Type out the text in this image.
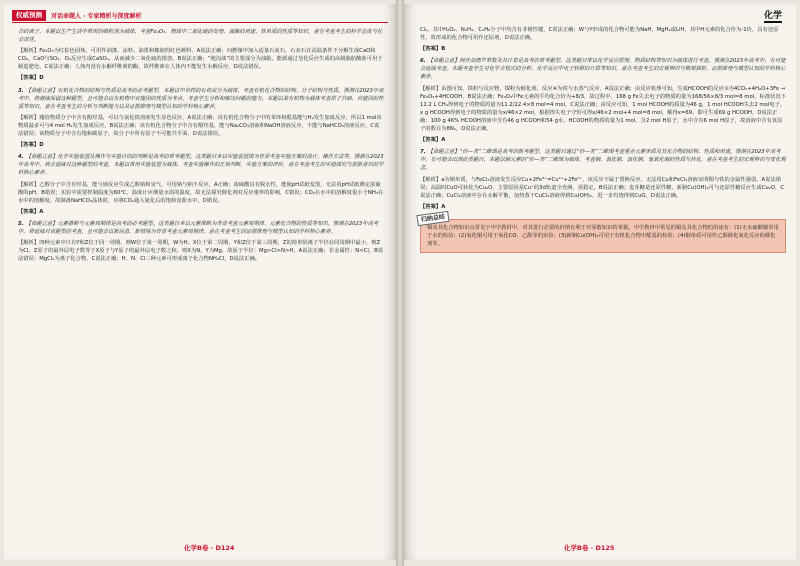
权威预测	对话命题人 · 专家精析与深度解析

合的离子，本题以生产生活中常用的吸附剂为载体，考查Fe₂O₃、燃煤中二氧化硫的处理、油脂的用途、铁单质的性质等知识，意在考查考生的科学态度与社会责任。

【解析】Fe₂O₃为红棕色固体，可用作油漆、涂料、油墨和橡胶的红色颜料，A说法正确；向燃煤中加入适量石灰石，石灰石在高温条件下分解生成CaO和CO₂，CaO与SO₂、O₂反应生成CaSO₄，从而减少二氧化硫的排放，B说法正确；“地沟油”的主要成分为油脂，能源通过皂化反应生成的高级脂肪酸盐可用于制造肥皂，C说法正确；人体内没有水解纤维素的酶，故纤维素在人体内不能发生水解反应，D说法错误。

【答案】D

3. 【命题立意】有机化合物的结构与性质是高考的必考题型，本题以中草药的有效成分为载体，考查有机化合物的结构、分子结构与性质。预测在2023年高考中，将继续保留这种题型，且可能会以有机物中官能团的性质为考点，考查学生分析和解决问题的能力。本题以某有机物为载体考查原子共面、官能团的性质等知识，意在考查考生的分析与判断能力以及证据推理与模型认知的学科核心素养。

【解析】题给物质分子中含有酚羟基，可以与氯化铁溶液发生显色反应，A说法正确；该有机化合物分子中的苯环和醛基能与H₂发生加成反应，所以1 mol该物质最多可与4 mol H₂发生加成反应，B说法正确；该有机化合物分子中含有酚羟基，能与Na₂CO₃溶液和NaOH溶液反应，不能与NaHCO₃溶液反应，C说法错误；该物质分子中含有饱和碳原子，故分子中所有原子不可能共平面，D说法错误。

【答案】D

4. 【命题立意】化学实验装置及操作与实验目的的判断是高考的常考题型。这类题目多以实验装置图为背景考查实验方案的设计、操作方法等。预测在2023年高考中，将会延续对这种题型的考查，本题以常用实验装置为载体，考查实验操作的正误判断、实验方案的评价，意在考查考生的实验探究与创新意识的学科核心素养。

【解析】乙醇分子中含有羟基，能与钠反应生成乙醇钠和氢气，可用钠与钠不反应，A正确；浓硫酸具有脱水性，能使pH试纸变黑，无法用pH试纸测定浓硫酸的pH，B错误；实验中需要控制温度为60℃，温度计应测量水浴的温度，故无法探究催化剂对反应速率的影响，C错误；CO₂在水中的溶解度很小于NH₃在水中的溶解度，故制备NaHCO₃晶体时，应将CO₂通入氨化后的饱和食盐水中，D错误。

【答案】A

5. 【命题立意】元素推断与元素周期律是高考的必考题型。这类题目多以元素推断为背景考查元素周期律、元素化合物的性质等知识。预测在2023年高考中，将延续对该题型的考查，且可能会以新信息、新情境为背景考查元素周期律，意在考查考生的证据推理与模型认知的学科核心素养。

【解析】四种元素中只有Y和Z位于同一周期，则W位于第一周期，W为H。X位于第二周期，Y和Z位于第三周期，Z的简单阴离子半径在同周期中最小，则Z为Cl。Z原子的最外层电子数等于X原子与Y原子的最外层电子数之和，则X为N，Y为Mg，故原子半径：Mg>Cl>N>H，A说法正确；非金属性：N<Cl，B说法错误；MgCl₂为离子化合物，C说法正确；H、N、Cl三种元素可形成离子化合物NH₄Cl，D说法正确。

化学B卷 · D124
化学

Cl₂，其中H₂O₂、N₂H₄、C₂H₆分子中均含有非极性键，C说法正确；W与Y形成的化合物可能为NaH、MgH₂或LiH，其中H元素的化合价为-1价，具有还原性，故形成的化合物可用作还原剂，D说法正确。

【答案】B

6. 【命题立意】阿伏加德罗常数及其计算是高考的常考题型，这类题目常以化学反应原理、物质结构等知识为载体进行考查。预测在2023年高考中，有可能会延续考查。本题考查学生对化学方程式的分析、化学反应中电子转移的计算等知识，意在考查考生的宏观辨识与微观探析、证据推理与模型认知的学科核心素养。

【解析】由图可知，铁粉与反应物，镍粉为催化剂，反应④为铁与水蒸气反应，A说法正确；由反应机理可知，生成HCOOH的反应③为4CO₂+4H₂O+3Fe → Fe₃O₄+4HCOOH，B说法正确；Fe₃O₄中Fe元素的平均化合价为+8/3，故过程中，168 g Fe失去电子的物质的量为168/56×8/3 mol=8 mol，标准状况下11.2 L CH₄得到电子的物质的量为11.2/22.4×8 mol=4 mol，C说法正确；由反应可知，1 mol HCOOH的质量为46 g，1 mol HCOOH失去2 mol电子，x g HCOOH得到电子的物质的量为x/46×2 mol，根据得失电子守恒可得x/46×2 mol+4 mol=8 mol，解得x=69，即可生成69 g HCOOH，D说法正确；100 g 46% HCOOH溶液中含有46 g HCOOH和54 g水，HCOOH的物质的量为1 mol，含2 mol H原子，水中含有6 mol H原子，故溶液中含有氢原子的数目为8Nₐ，D说法正确。

【答案】A

7. 【命题立意】“价—类”二维图是高考的新考题型，这类题目通过“价—类”二维图考查重点元素单质及其化合物的结构、性质和用途。预测在2023年高考中，有可能会出现此类题目，本题以铜元素的“价—类”二维图为载体，考查铜、氧化铜、氯化铜、氢氧化铜的性质与转化，意在考查考生的宏观辨识与变化观念。

【解析】a为铜单质，与FeCl₃溶液发生反应Cu+2Fe³⁺=Cu²⁺+2Fe²⁺，该反应不属于置换反应，无法用Cu和FeCl₃溶液证明铜与铁的金属性强弱，A说法错误；高温时CuO可转化为Cu₂O，主要原因是Cu⁺的3d轨道全充满，更稳定，B说法正确；麦芽糖是还原性糖，新制Cu(OH)₂可与还原性糖反应生成Cu₂O，C说法正确；CuCl₂溶液中存在水解平衡，加热蒸干CuCl₂溶液得到Cu(OH)₂，进一步灼烧得到CuO，D说法正确。

【答案】A

归纳总结

铜及其化合物知识点常见于中学教材中，对其进行必要的归纳有利于对零散知识的掌握。中学教材中常见的铜及其化合物的用途有：(1)无水硫酸铜常用于水的检验；(2)氧化铜可用于氧化CO、乙醇等的实验；(3)新制Cu(OH)₂可用于有机化合物中醛基的检验；(4)铜单质可用作乙醇催化氧化反应的催化剂等。

化学B卷 · D125
